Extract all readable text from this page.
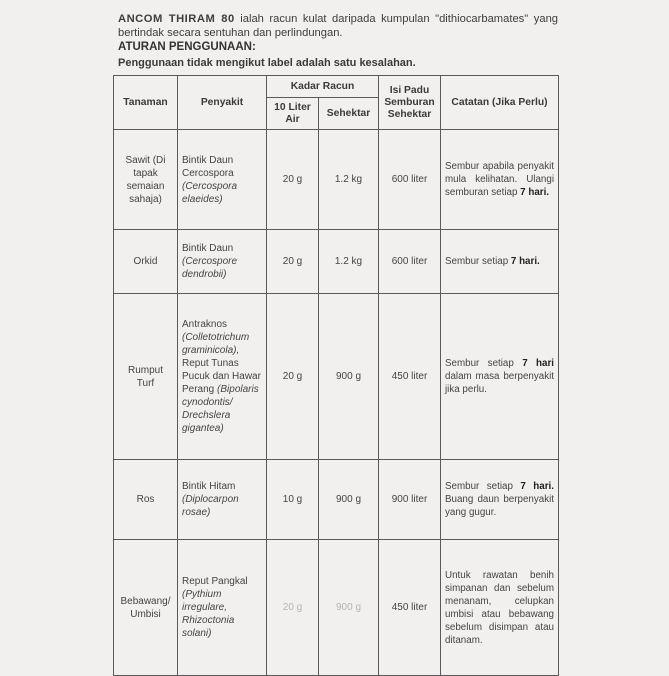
ANCOM THIRAM 80 ialah racun kulat daripada kumpulan "dithiocarbamates" yang bertindak secara sentuhan dan perlindungan.
ATURAN PENGGUNAAN:
Penggunaan tidak mengikut label adalah satu kesalahan.
Tanaman	Penyakit	Kadar Racun		Isi Padu Semburan Sehektar	Catatan (Jika Perlu)
		10 Liter Air	Sehektar		
Sawit (Di tapak semaian sahaja)	Bintik Daun Cercospora (Cercospora elaeides)	20 g	1.2 kg	600 liter	Sembur apabila penyakit mula kelihatan. Ulangi semburan setiap 7 hari.
Orkid	Bintik Daun (Cercospore dendrobii)	20 g	1.2 kg	600 liter	Sembur setiap 7 hari.
Rumput Turf	Antraknos (Colletotrichum graminicola), Reput Tunas Pucuk dan Hawar Perang (Bipolaris cynodontis/ Drechslera gigantea)	20 g	900 g	450 liter	Sembur setiap 7 hari dalam masa berpenyakit jika perlu.
Ros	Bintik Hitam (Diplocarpon rosae)	10 g	900 g	900 liter	Sembur setiap 7 hari. Buang daun berpenyakit yang gugur.
Bebawang/ Umbisi	Reput Pangkal (Pythium irregulare, Rhizoctonia solani)	20 g	900 g	450 liter	Untuk rawatan benih simpanan dan sebelum menanam, celupkan umbisi atau bebawang sebelum disimpan atau ditanam.
